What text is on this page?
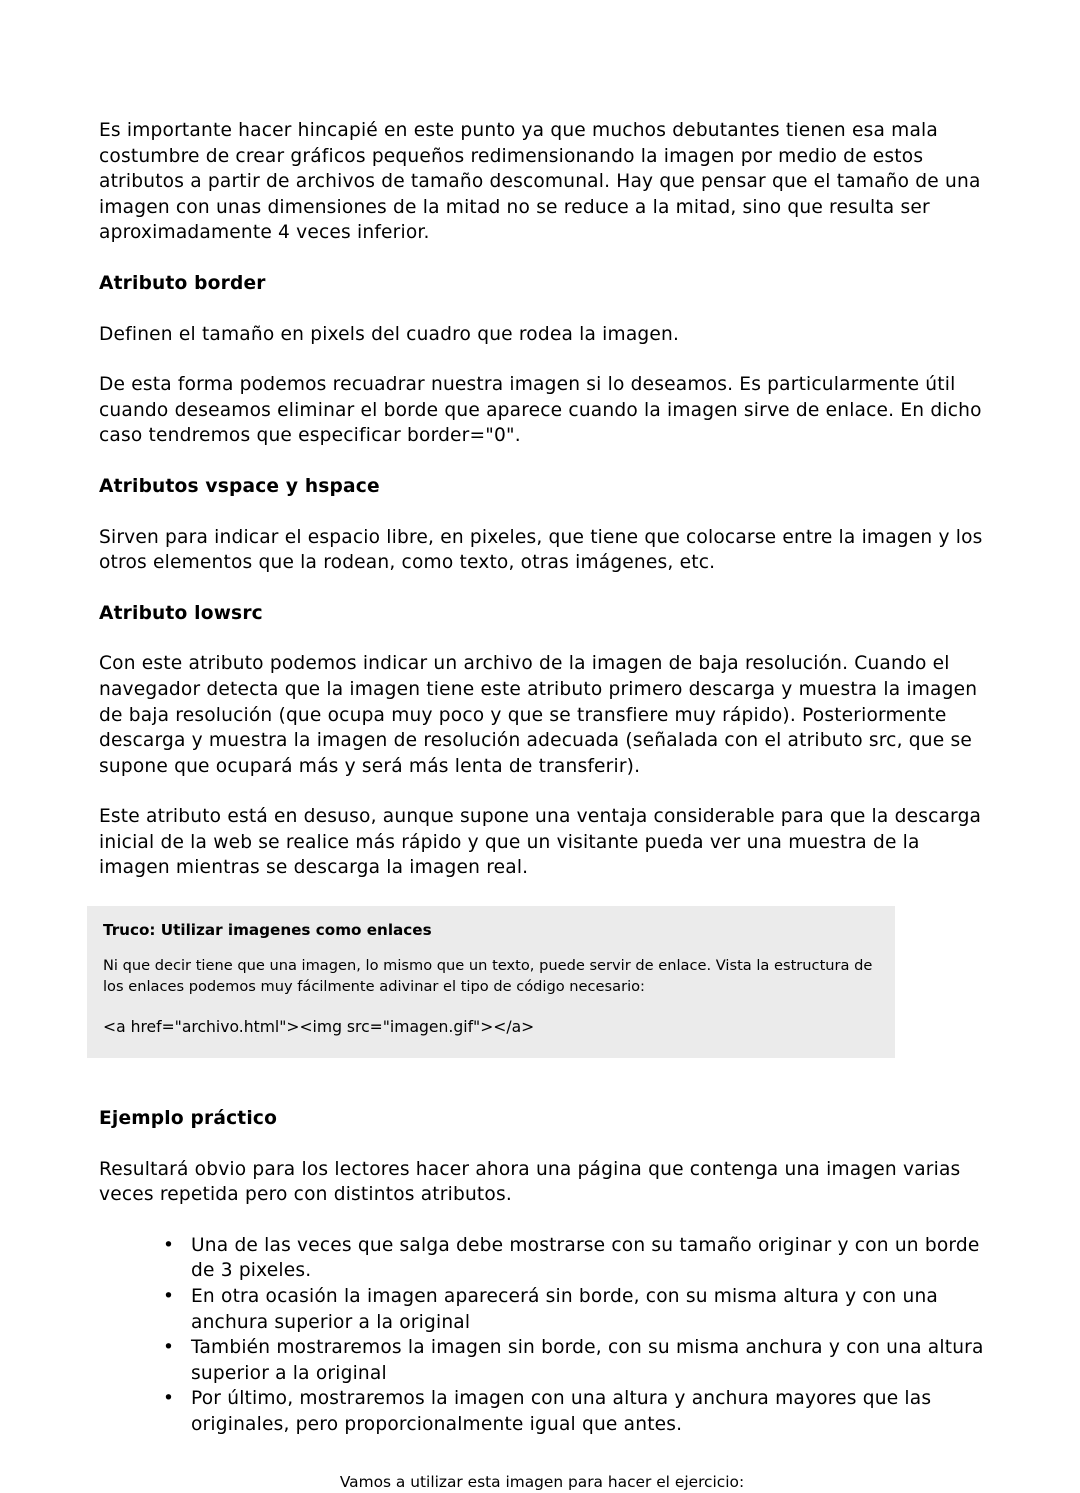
Es importante hacer hincapié en este punto ya que muchos debutantes tienen esa mala costumbre de crear gráficos pequeños redimensionando la imagen por medio de estos atributos a partir de archivos de tamaño descomunal. Hay que pensar que el tamaño de una imagen con unas dimensiones de la mitad no se reduce a la mitad, sino que resulta ser aproximadamente 4 veces inferior.

Atributo border

Definen el tamaño en pixels del cuadro que rodea la imagen.

De esta forma podemos recuadrar nuestra imagen si lo deseamos. Es particularmente útil cuando deseamos eliminar el borde que aparece cuando la imagen sirve de enlace. En dicho caso tendremos que especificar border="0".

Atributos vspace y hspace

Sirven para indicar el espacio libre, en pixeles, que tiene que colocarse entre la imagen y los otros elementos que la rodean, como texto, otras imágenes, etc.

Atributo lowsrc

Con este atributo podemos indicar un archivo de la imagen de baja resolución. Cuando el navegador detecta que la imagen tiene este atributo primero descarga y muestra la imagen de baja resolución (que ocupa muy poco y que se transfiere muy rápido). Posteriormente descarga y muestra la imagen de resolución adecuada (señalada con el atributo src, que se supone que ocupará más y será más lenta de transferir).

Este atributo está en desuso, aunque supone una ventaja considerable para que la descarga inicial de la web se realice más rápido y que un visitante pueda ver una muestra de la imagen mientras se descarga la imagen real.

Truco: Utilizar imagenes como enlaces

Ni que decir tiene que una imagen, lo mismo que un texto, puede servir de enlace. Vista la estructura de los enlaces podemos muy fácilmente adivinar el tipo de código necesario:

<a href="archivo.html"><img src="imagen.gif"></a>

Ejemplo práctico

Resultará obvio para los lectores hacer ahora una página que contenga una imagen varias veces repetida pero con distintos atributos.

• Una de las veces que salga debe mostrarse con su tamaño originar y con un borde de 3 pixeles.
• En otra ocasión la imagen aparecerá sin borde, con su misma altura y con una anchura superior a la original
• También mostraremos la imagen sin borde, con su misma anchura y con una altura superior a la original
• Por último, mostraremos la imagen con una altura y anchura mayores que las originales, pero proporcionalmente igual que antes.

Vamos a utilizar esta imagen para hacer el ejercicio:
